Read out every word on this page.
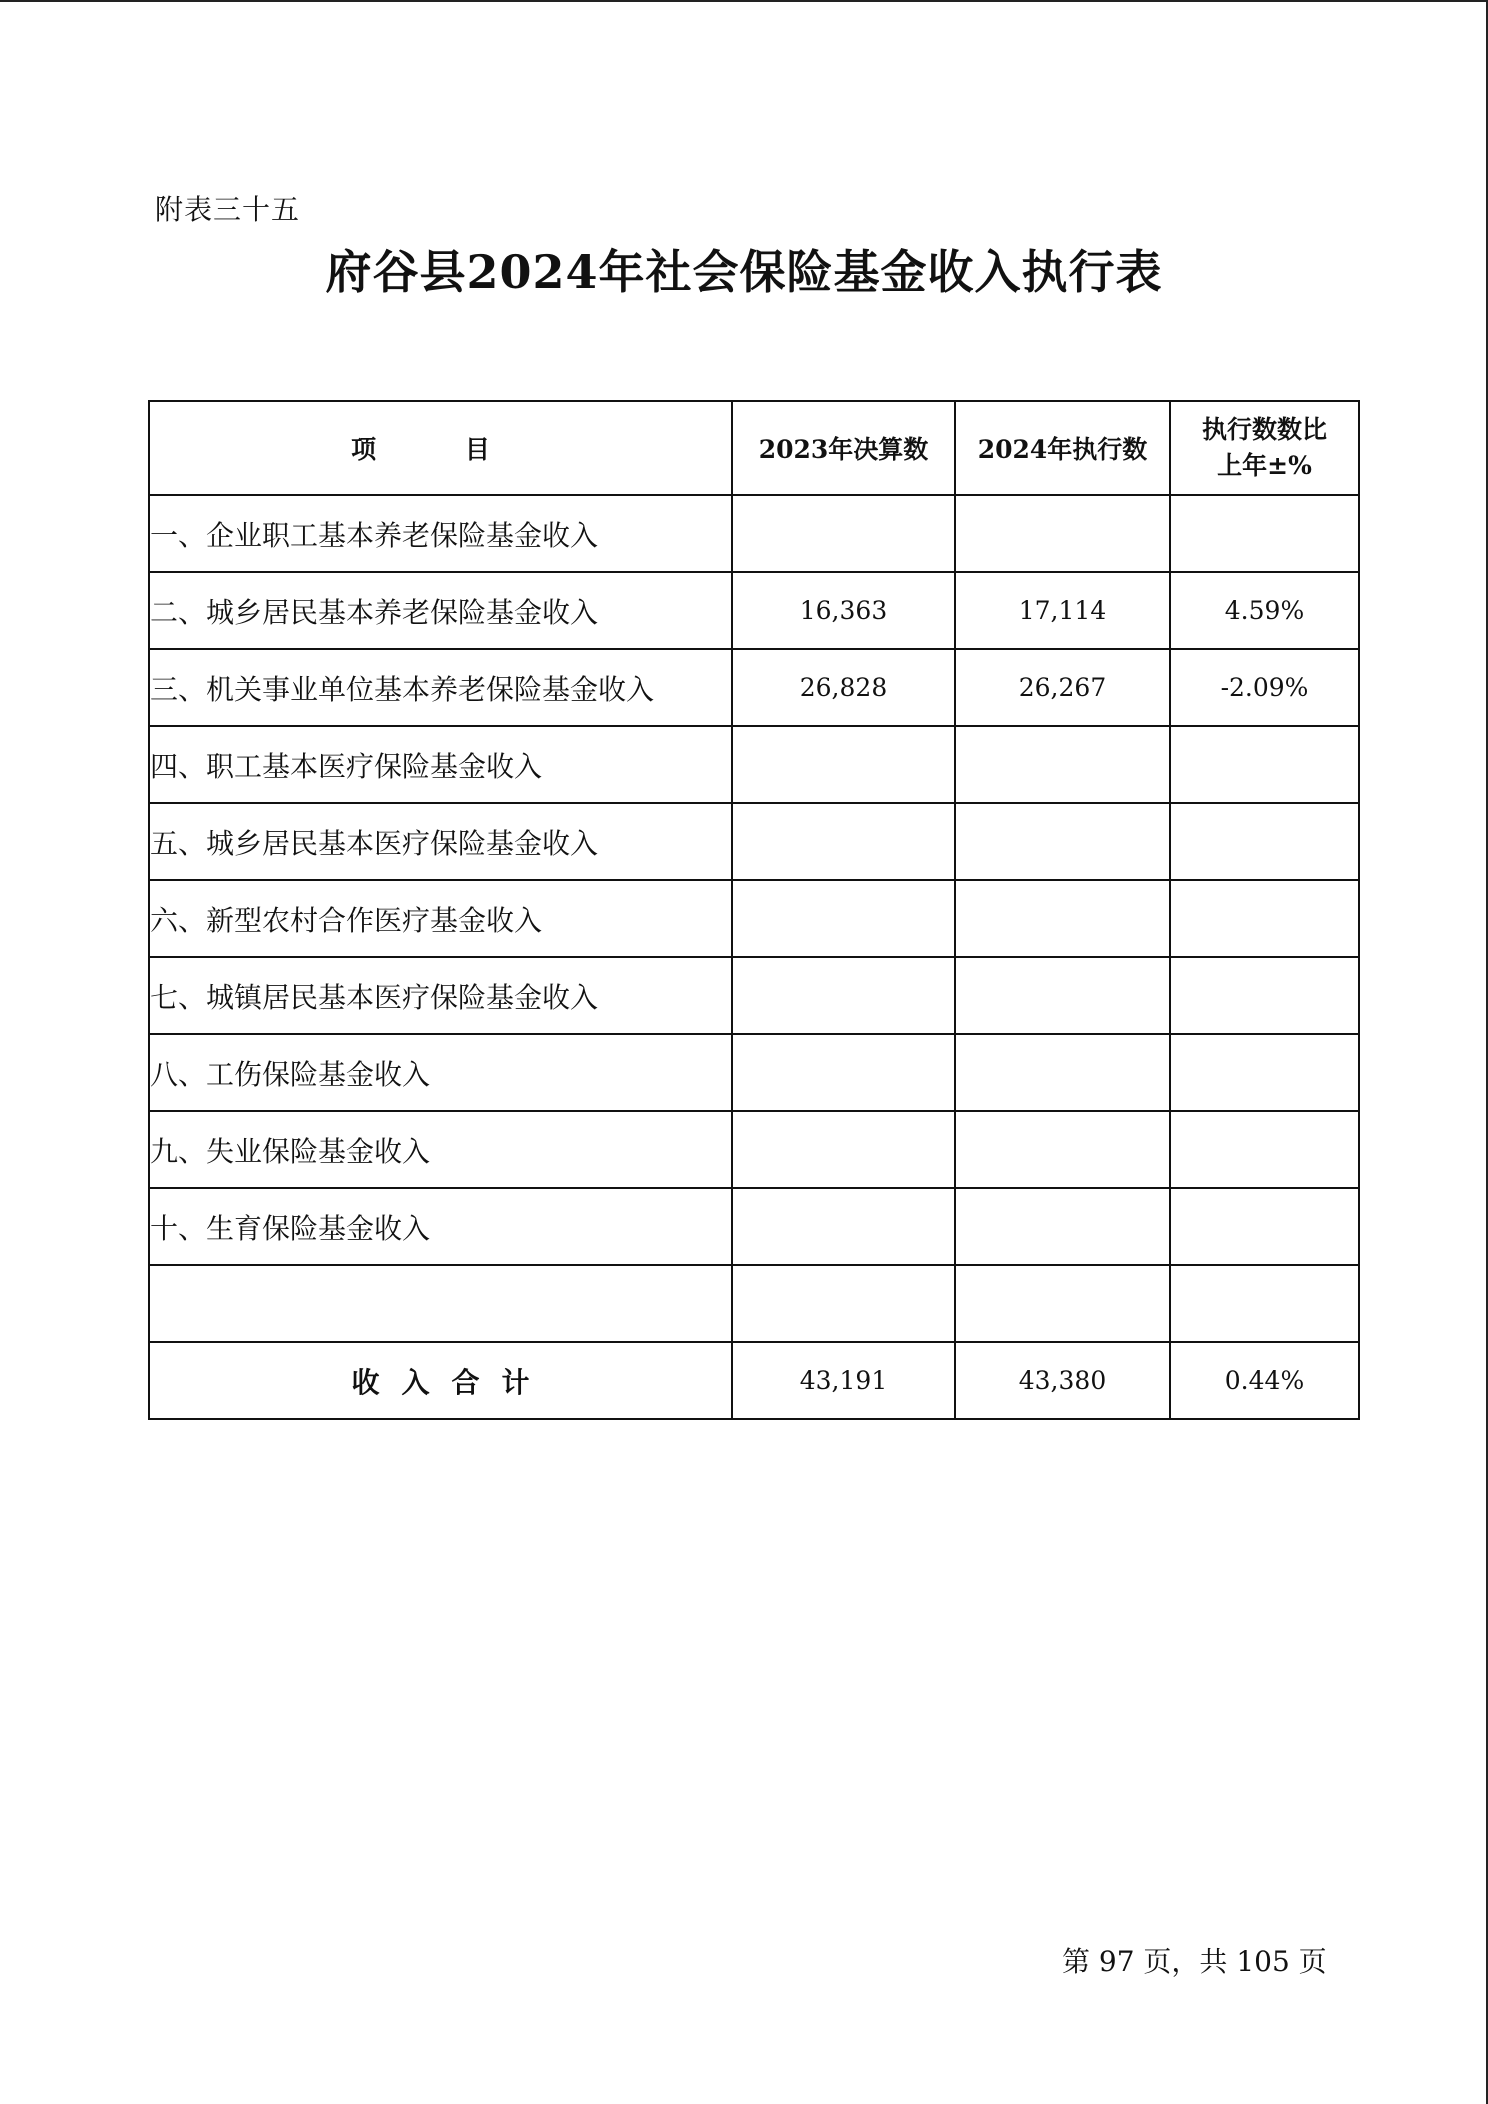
附表三十五
府谷县2024年社会保险基金收入执行表
项 目	2023年决算数	2024年执行数	执行数数比
上年±%
一、企业职工基本养老保险基金收入			
二、城乡居民基本养老保险基金收入	16,363	17,114	4.59%
三、机关事业单位基本养老保险基金收入	26,828	26,267	-2.09%
四、职工基本医疗保险基金收入			
五、城乡居民基本医疗保险基金收入			
六、新型农村合作医疗基金收入			
七、城镇居民基本医疗保险基金收入			
八、工伤保险基金收入			
九、失业保险基金收入			
十、生育保险基金收入			

收入合计	43,191	43,380	0.44%
第 97 页，共 105 页
